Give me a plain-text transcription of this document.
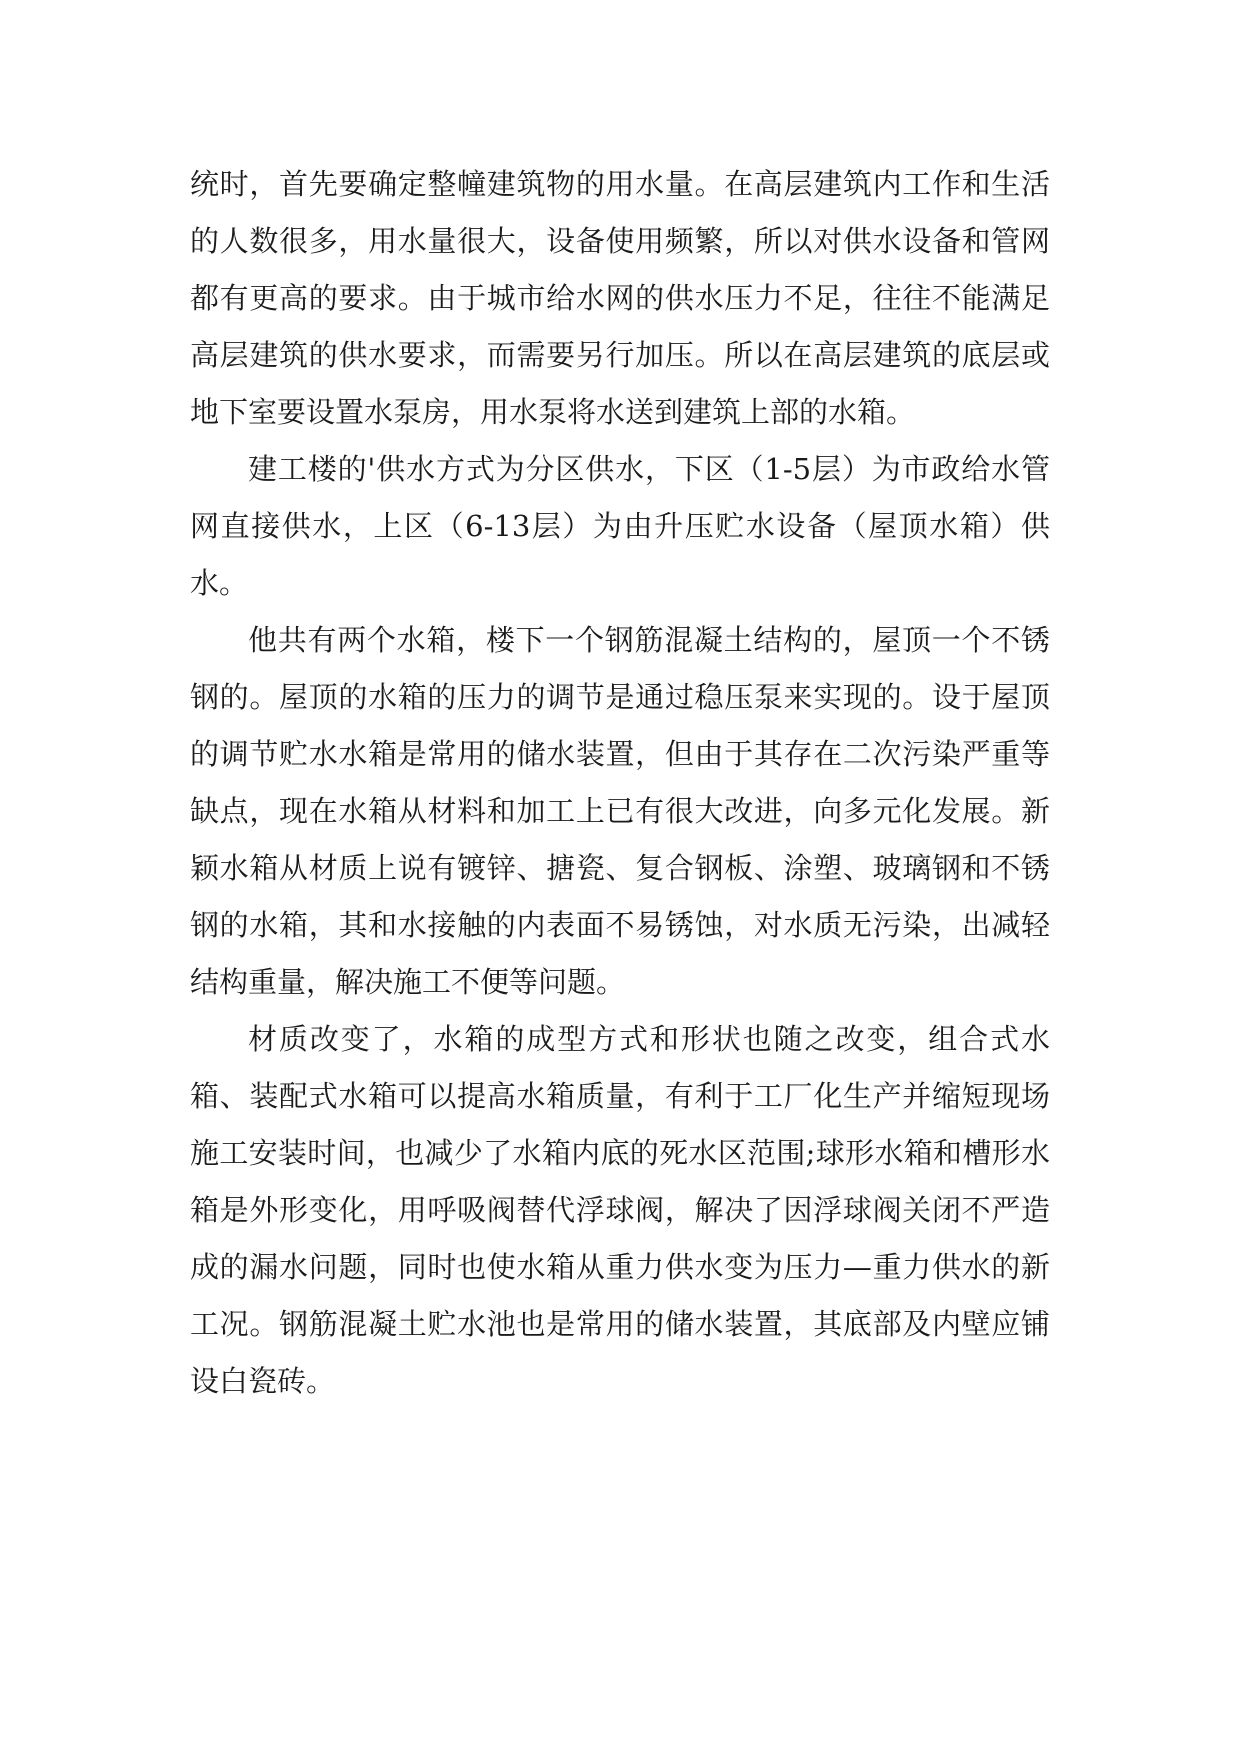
统时，首先要确定整幢建筑物的用水量。在高层建筑内工作和生活的人数很多，用水量很大，设备使用频繁，所以对供水设备和管网都有更高的要求。由于城市给水网的供水压力不足，往往不能满足高层建筑的供水要求，而需要另行加压。所以在高层建筑的底层或地下室要设置水泵房，用水泵将水送到建筑上部的水箱。

建工楼的'供水方式为分区供水，下区（1-5层）为市政给水管网直接供水，上区（6-13层）为由升压贮水设备（屋顶水箱）供水。

他共有两个水箱，楼下一个钢筋混凝土结构的，屋顶一个不锈钢的。屋顶的水箱的压力的调节是通过稳压泵来实现的。设于屋顶的调节贮水水箱是常用的储水装置，但由于其存在二次污染严重等缺点，现在水箱从材料和加工上已有很大改进，向多元化发展。新颖水箱从材质上说有镀锌、搪瓷、复合钢板、涂塑、玻璃钢和不锈钢的水箱，其和水接触的内表面不易锈蚀，对水质无污染，出减轻结构重量，解决施工不便等问题。

材质改变了，水箱的成型方式和形状也随之改变，组合式水箱、装配式水箱可以提高水箱质量，有利于工厂化生产并缩短现场施工安装时间，也减少了水箱内底的死水区范围;球形水箱和槽形水箱是外形变化，用呼吸阀替代浮球阀，解决了因浮球阀关闭不严造成的漏水问题，同时也使水箱从重力供水变为压力—重力供水的新工况。钢筋混凝土贮水池也是常用的储水装置，其底部及内壁应铺设白瓷砖。
